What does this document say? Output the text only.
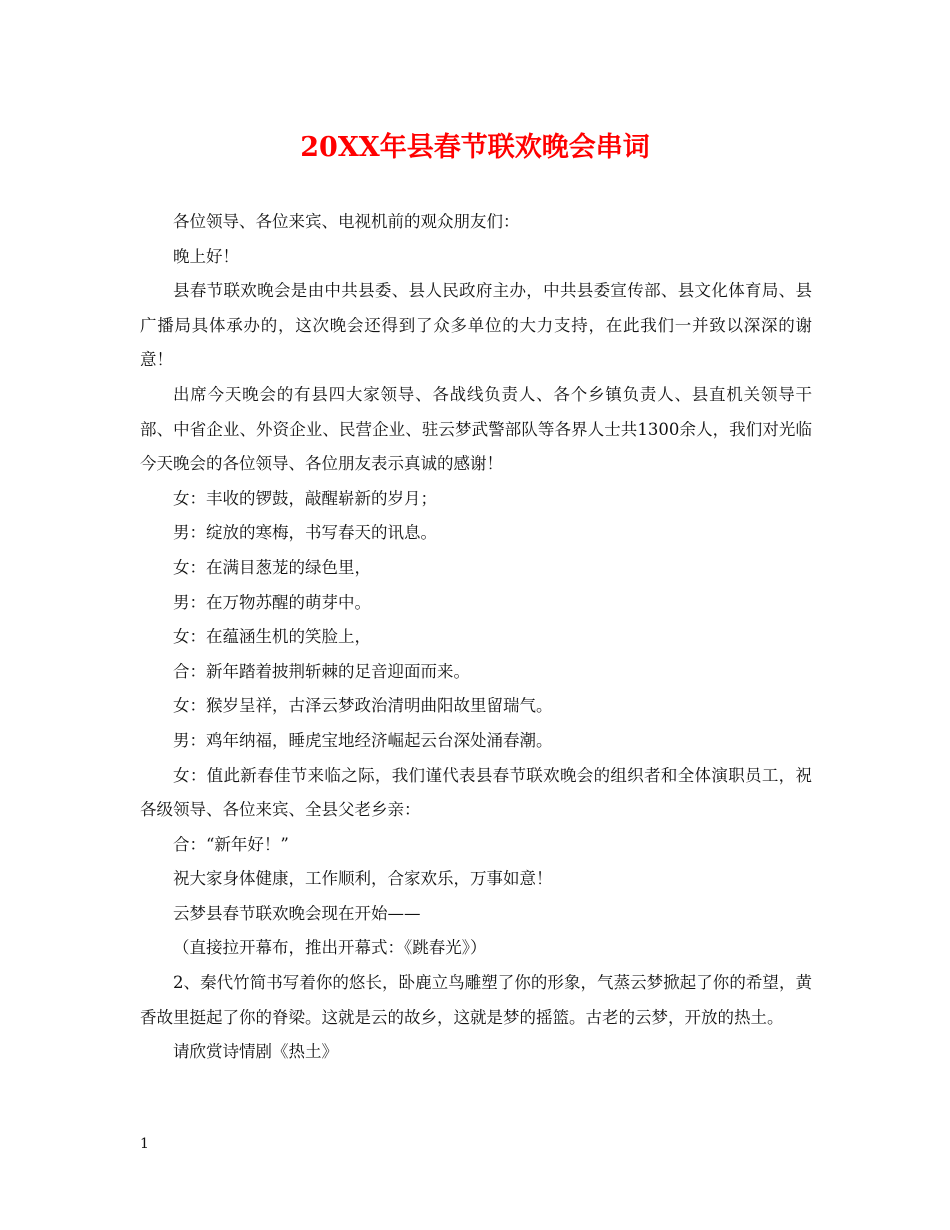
20XX年县春节联欢晚会串词

各位领导、各位来宾、电视机前的观众朋友们：

晚上好！

县春节联欢晚会是由中共县委、县人民政府主办，中共县委宣传部、县文化体育局、县广播局具体承办的，这次晚会还得到了众多单位的大力支持，在此我们一并致以深深的谢意！

出席今天晚会的有县四大家领导、各战线负责人、各个乡镇负责人、县直机关领导干部、中省企业、外资企业、民营企业、驻云梦武警部队等各界人士共1300余人，我们对光临今天晚会的各位领导、各位朋友表示真诚的感谢！

女：丰收的锣鼓，敲醒崭新的岁月；

男：绽放的寒梅，书写春天的讯息。

女：在满目葱茏的绿色里，

男：在万物苏醒的萌芽中。

女：在蕴涵生机的笑脸上，

合：新年踏着披荆斩棘的足音迎面而来。

女：猴岁呈祥，古泽云梦政治清明曲阳故里留瑞气。

男：鸡年纳福，睡虎宝地经济崛起云台深处涌春潮。

女：值此新春佳节来临之际，我们谨代表县春节联欢晚会的组织者和全体演职员工，祝各级领导、各位来宾、全县父老乡亲：

合：“新年好！”

祝大家身体健康，工作顺利，合家欢乐，万事如意！

云梦县春节联欢晚会现在开始——

（直接拉开幕布，推出开幕式：《跳春光》）

2、秦代竹简书写着你的悠长，卧鹿立鸟雕塑了你的形象，气蒸云梦掀起了你的希望，黄香故里挺起了你的脊梁。这就是云的故乡，这就是梦的摇篮。古老的云梦，开放的热土。

请欣赏诗情剧《热土》

1
